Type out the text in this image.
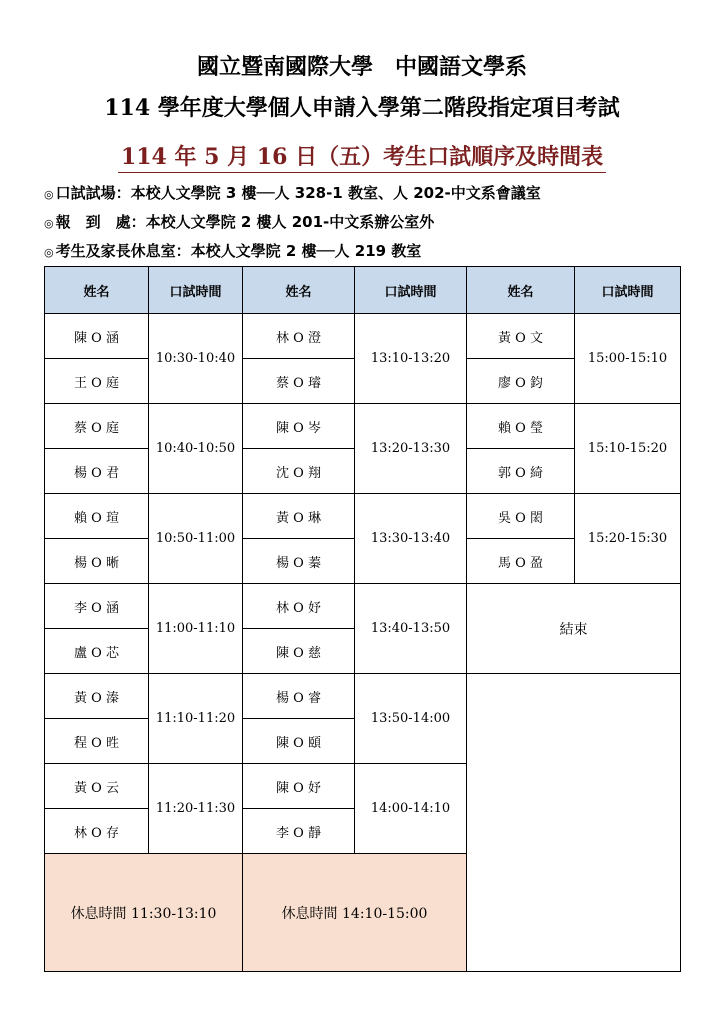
國立暨南國際大學　中國語文學系
114 學年度大學個人申請入學第二階段指定項目考試
114 年 5 月 16 日（五）考生口試順序及時間表
◎ 口試試場：本校人文學院 3 樓──人 328-1 教室、人 202-中文系會議室
◎ 報　到　處：本校人文學院 2 樓人 201-中文系辦公室外
◎ 考生及家長休息室：本校人文學院 2 樓──人 219 教室
姓名	口試時間	姓名	口試時間	姓名	口試時間
陳 O 涵	10:30-10:40	林 O 澄	13:10-13:20	黃 O 文	15:00-15:10
王 O 庭		蔡 O 璿		廖 O 鈞	
蔡 O 庭	10:40-10:50	陳 O 岑	13:20-13:30	賴 O 瑩	15:10-15:20
楊 O 君		沈 O 翔		郭 O 綺	
賴 O 瑄	10:50-11:00	黃 O 琳	13:30-13:40	吳 O 閎	15:20-15:30
楊 O 晰		楊 O 蓁		馬 O 盈	
李 O 涵	11:00-11:10	林 O 妤	13:40-13:50	結束	
盧 O 芯		陳 O 慈			
黃 O 溱	11:10-11:20	楊 O 睿	13:50-14:00		
程 O 甠		陳 O 頤			
黃 O 云	11:20-11:30	陳 O 妤	14:00-14:10		
林 O 存		李 O 靜			
休息時間 11:30-13:10		休息時間 14:10-15:00			
